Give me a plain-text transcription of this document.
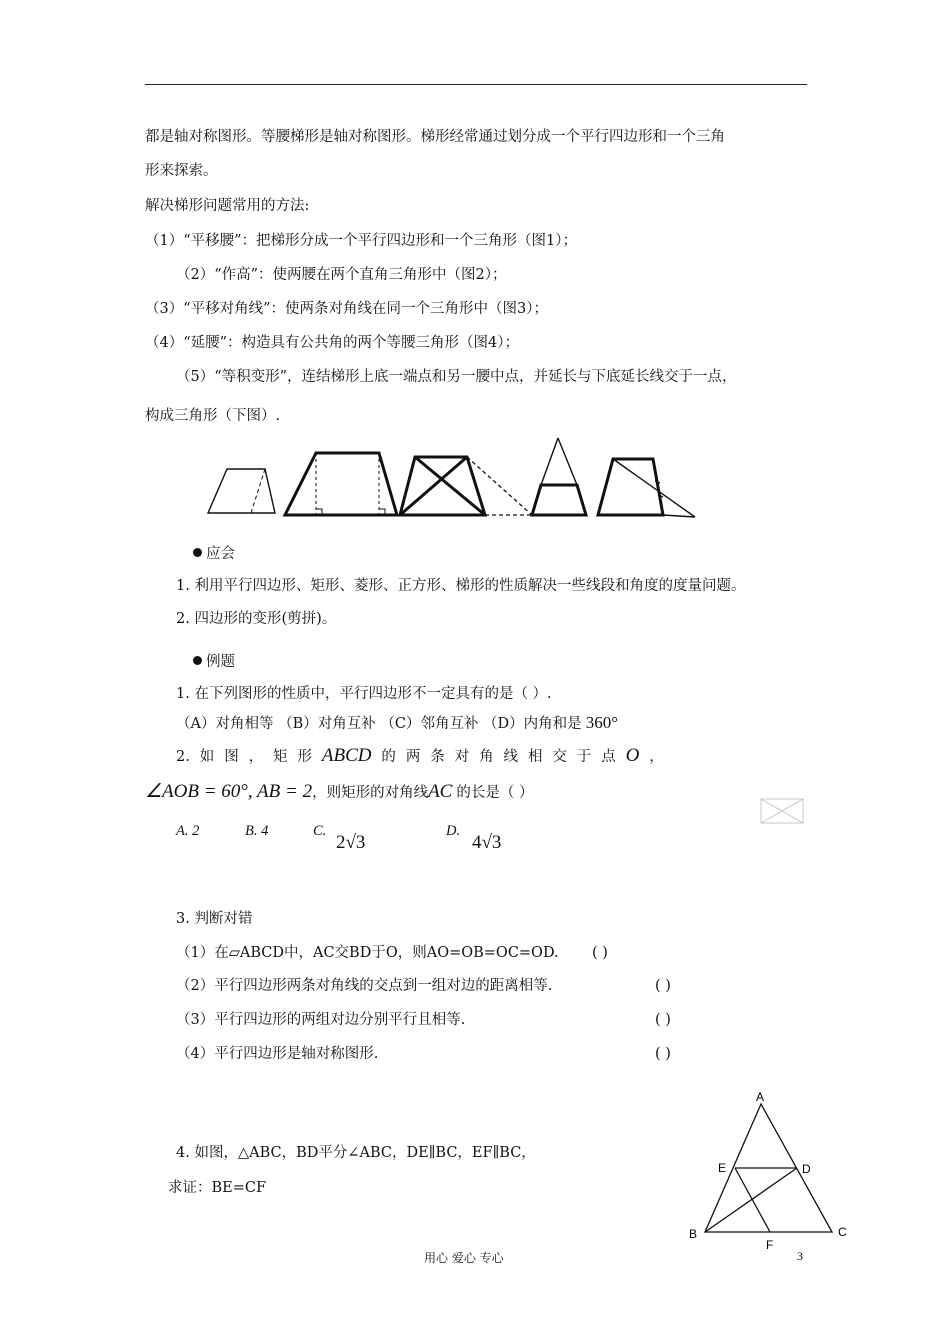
都是轴对称图形。等腰梯形是轴对称图形。梯形经常通过划分成一个平行四边形和一个三角
形来探索。
解决梯形问题常用的方法:
（1）“平移腰”：把梯形分成一个平行四边形和一个三角形（图1）；
（2）“作高”：使两腰在两个直角三角形中（图2）；
（3）“平移对角线”：使两条对角线在同一个三角形中（图3）；
（4）“延腰”：构造具有公共角的两个等腰三角形（图4）；
（5）“等积变形”，连结梯形上底一端点和另一腰中点，并延长与下底延长线交于一点，
构成三角形（下图）.
应会
1. 利用平行四边形、矩形、菱形、正方形、梯形的性质解决一些线段和角度的度量问题。
2. 四边形的变形(剪拼)。
例题
1. 在下列图形的性质中，平行四边形不一定具有的是（ ）.
（A）对角相等 （B）对角互补 （C）邻角互补 （D）内角和是 360°
2. 如 图 ， 矩 形 ABCD 的 两 条 对 角 线 相 交 于 点 O ，
∠AOB = 60°, AB = 2，则矩形的对角线AC 的长是（ ）
A. 2	B. 4	C.
2√3
D.
4√3
3. 判断对错
（1）在▱ABCD中，AC交BD于O，则AO=OB=OC=OD. ( )
（2）平行四边形两条对角线的交点到一组对边的距离相等.	( )
（3）平行四边形的两组对边分别平行且相等.	( )
（4）平行四边形是轴对称图形.	( )
4. 如图，△ABC，BD平分∠ABC，DE∥BC，EF∥BC，
求证：BE=CF
A
B	C
D
E
F
用心 爱心 专心	3
